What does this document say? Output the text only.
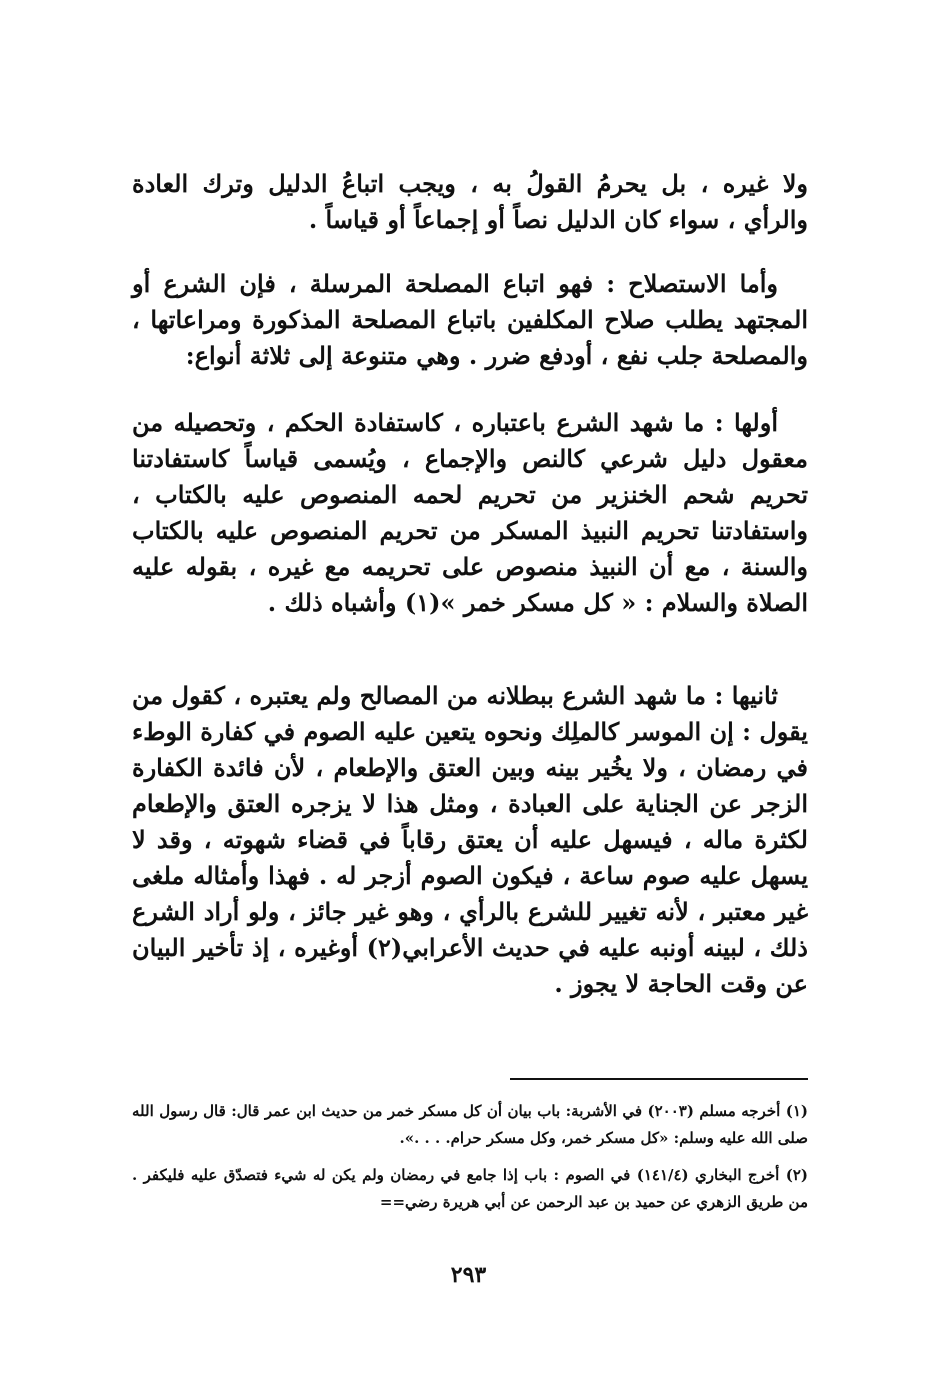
ولا غيره ، بل يحرمُ القولُ به ، ويجب اتباعُ الدليل وترك العادة والرأي ، سواء كان الدليل نصاً أو إجماعاً أو قياساً .

وأما الاستصلاح : فهو اتباع المصلحة المرسلة ، فإن الشرع أو المجتهد يطلب صلاح المكلفين باتباع المصلحة المذكورة ومراعاتها ، والمصلحة جلب نفع ، أودفع ضرر . وهي متنوعة إلى ثلاثة أنواع:

أولها : ما شهد الشرع باعتباره ، كاستفادة الحكم ، وتحصيله من معقول دليل شرعي كالنص والإجماع ، ويُسمى قياساً كاستفادتنا تحريم شحم الخنزير من تحريم لحمه المنصوص عليه بالكتاب ، واستفادتنا تحريم النبيذ المسكر من تحريم المنصوص عليه بالكتاب والسنة ، مع أن النبيذ منصوص على تحريمه مع غيره ، بقوله عليه الصلاة والسلام : « كل مسكر خمر »(١) وأشباه ذلك .

ثانيها : ما شهد الشرع ببطلانه من المصالح ولم يعتبره ، كقول من يقول : إن الموسر كالملِك ونحوه يتعين عليه الصوم في كفارة الوطء في رمضان ، ولا يخُير بينه وبين العتق والإطعام ، لأن فائدة الكفارة الزجر عن الجناية على العبادة ، ومثل هذا لا يزجره العتق والإطعام لكثرة ماله ، فيسهل عليه أن يعتق رقاباً في قضاء شهوته ، وقد لا يسهل عليه صوم ساعة ، فيكون الصوم أزجر له . فهذا وأمثاله ملغى غير معتبر ، لأنه تغيير للشرع بالرأي ، وهو غير جائز ، ولو أراد الشرع ذلك ، لبينه أونبه عليه في حديث الأعرابي(٢) أوغيره ، إذ تأخير البيان عن وقت الحاجة لا يجوز .

(١) أخرجه مسلم (٢٠٠٣) في الأشربة: باب بيان أن كل مسكر خمر من حديث ابن عمر قال: قال رسول الله صلى الله عليه وسلم: «كل مسكر خمر، وكل مسكر حرام. . . .».

(٢) أخرج البخاري (١٤١/٤) في الصوم : باب إذا جامع في رمضان ولم يكن له شيء فتصدّق عليه فليكفر . من طريق الزهري عن حميد بن عبد الرحمن عن أبي هريرة رضي==

٢٩٣
